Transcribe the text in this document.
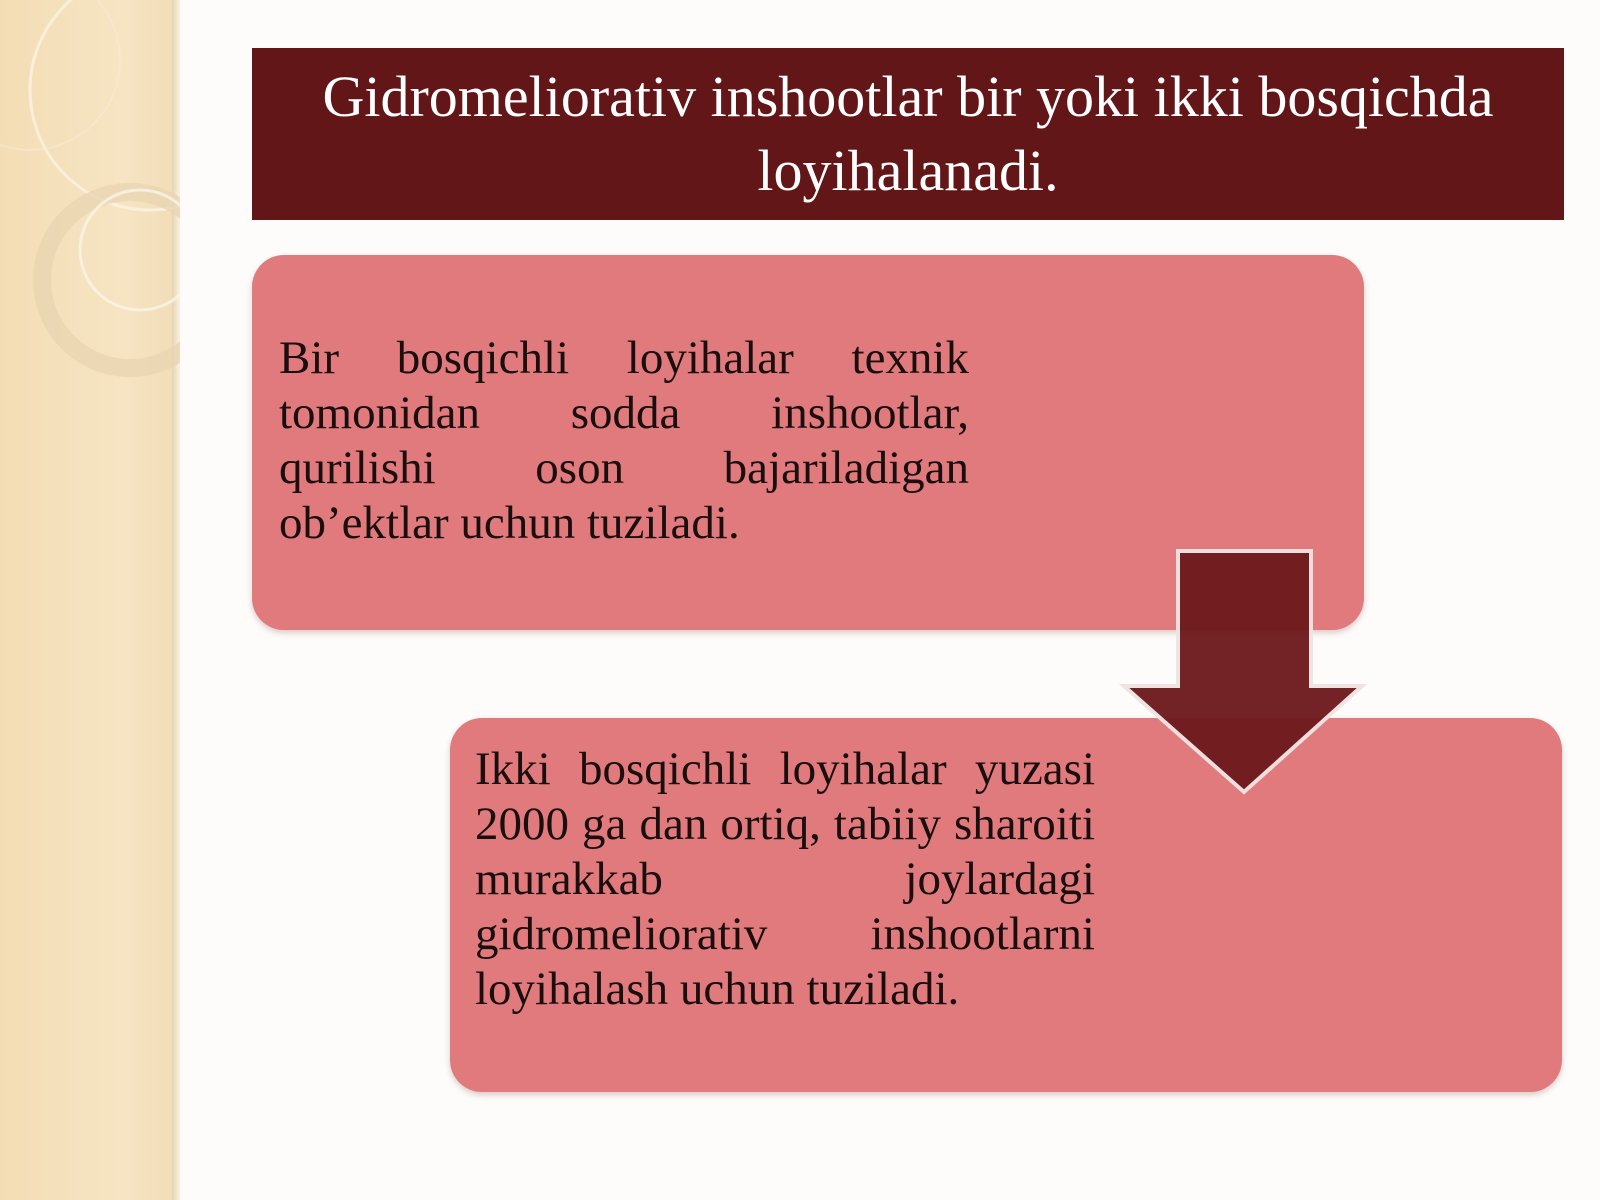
Gidromeliorativ inshootlar bir yoki ikki bosqichda loyihalanadi.
Bir bosqichli loyihalar texnik tomonidan sodda inshootlar, qurilishi oson bajariladigan ob’ektlar uchun tuziladi.
Ikki bosqichli loyihalar yuzasi 2000 ga dan ortiq, tabiiy sharoiti murakkab joylardagi gidromeliorativ inshootlarni loyihalash uchun tuziladi.
